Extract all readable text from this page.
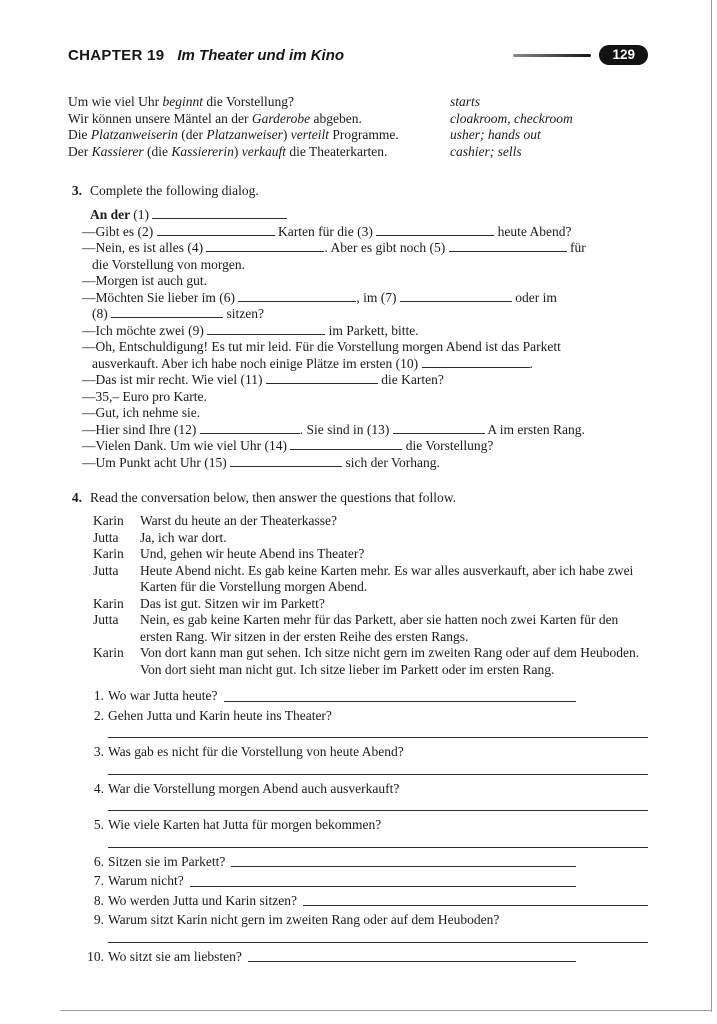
CHAPTER 19 Im Theater und im Kino	129
Um wie viel Uhr beginnt die Vorstellung?	starts
Wir können unsere Mäntel an der Garderobe abgeben.	cloakroom, checkroom
Die Platzanweiserin (der Platzanweiser) verteilt Programme.	usher; hands out
Der Kassierer (die Kassiererin) verkauft die Theaterkarten.	cashier; sells
3. Complete the following dialog.

An der (1)

—Gibt es (2)	Karten für die (3)	heute Abend?

—Nein, es ist alles (4)	. Aber es gibt noch (5)	für
die Vorstellung von morgen.

—Morgen ist auch gut.

—Möchten Sie lieber im (6)	, im (7)	oder im
(8)	sitzen?

—Ich möchte zwei (9)	im Parkett, bitte.

—Oh, Entschuldigung! Es tut mir leid. Für die Vorstellung morgen Abend ist das Parkett
ausverkauft. Aber ich habe noch einige Plätze im ersten (10)	.

—Das ist mir recht. Wie viel (11)	die Karten?

—35,– Euro pro Karte.

—Gut, ich nehme sie.

—Hier sind Ihre (12)	. Sie sind in (13)	A im ersten Rang.

—Vielen Dank. Um wie viel Uhr (14)	die Vorstellung?

—Um Punkt acht Uhr (15)	sich der Vorhang.

4. Read the conversation below, then answer the questions that follow.
Karin	Warst du heute an der Theaterkasse?
Jutta	Ja, ich war dort.
Karin	Und, gehen wir heute Abend ins Theater?
Jutta	Heute Abend nicht. Es gab keine Karten mehr. Es war alles ausverkauft, aber ich habe zwei Karten für die Vorstellung morgen Abend.
Karin	Das ist gut. Sitzen wir im Parkett?
Jutta	Nein, es gab keine Karten mehr für das Parkett, aber sie hatten noch zwei Karten für den ersten Rang. Wir sitzen in der ersten Reihe des ersten Rangs.
Karin	Von dort kann man gut sehen. Ich sitze nicht gern im zweiten Rang oder auf dem Heuboden. Von dort sieht man nicht gut. Ich sitze lieber im Parkett oder im ersten Rang.
1. Wo war Jutta heute?
2. Gehen Jutta und Karin heute ins Theater?
3. Was gab es nicht für die Vorstellung von heute Abend?
4. War die Vorstellung morgen Abend auch ausverkauft?
5. Wie viele Karten hat Jutta für morgen bekommen?
6. Sitzen sie im Parkett?
7. Warum nicht?
8. Wo werden Jutta und Karin sitzen?
9. Warum sitzt Karin nicht gern im zweiten Rang oder auf dem Heuboden?
10. Wo sitzt sie am liebsten?
